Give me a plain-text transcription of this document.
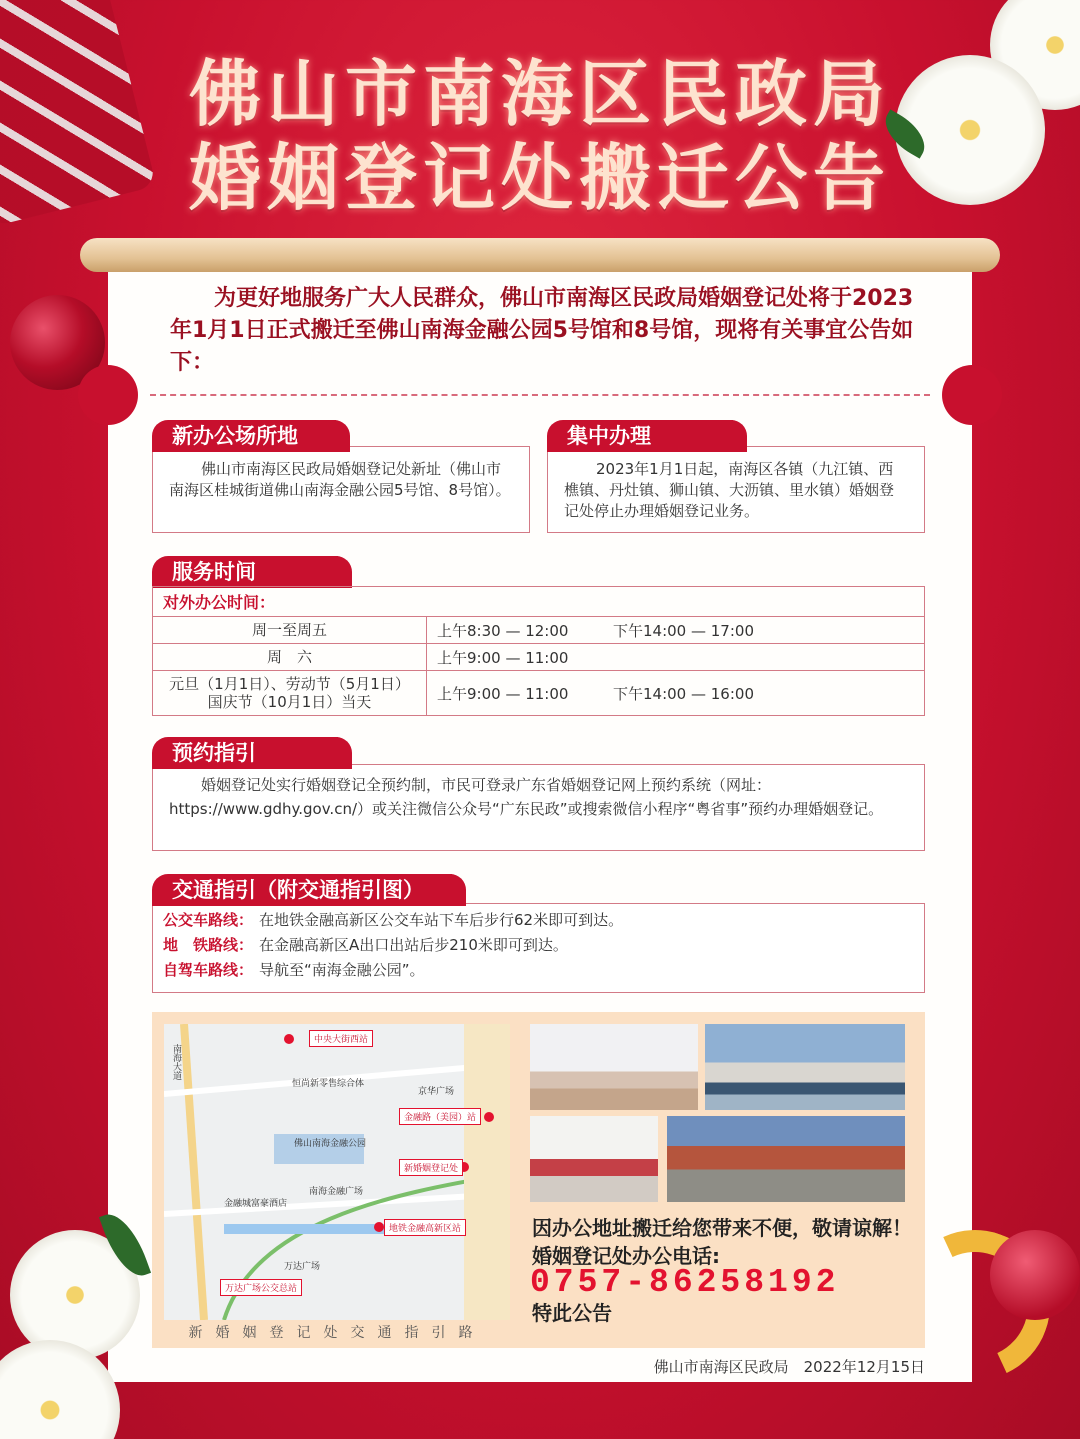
佛山市南海区民政局
婚姻登记处搬迁公告
为更好地服务广大人民群众，佛山市南海区民政局婚姻登记处将于2023年1月1日正式搬迁至佛山南海金融公园5号馆和8号馆，现将有关事宜公告如下：

佛山市南海区民政局婚姻登记处新址（佛山市南海区桂城街道佛山南海金融公园5号馆、8号馆）。

新办公场所地址	2023年1月1日起，南海区各镇（九江镇、西樵镇、丹灶镇、狮山镇、大沥镇、里水镇）婚姻登记处停止办理婚姻登记业务。

集中办理
服务时间
对外办公时间：	
周一至周五	上午8:30 — 12:00 下午14:00 — 17:00
周　六	上午9:00 — 11:00

元旦（1月1日）、劳动节（5月1日）
国庆节（10月1日）当天	上午9:00 — 11:00 下午14:00 — 16:00

婚姻登记处实行婚姻登记全预约制，市民可登录广东省婚姻登记网上预约系统（网址：https://www.gdhy.gov.cn/）或关注微信公众号“广东民政”或搜索微信小程序“粤省事”预约办理婚姻登记。

预约指引
公交车路线： 在地铁金融高新区公交车站下车后步行62米即可到达。
地　铁路线： 在金融高新区A出口出站后步210米即可到达。
自驾车路线： 导航至“南海金融公园”。
交通指引（附交通指引图）
中央大街西站
金融路（美园）站
新婚姻登记处
地铁金融高新区站
万达广场公交总站
佛山南海金融公园
南海金融广场
金融城富豪酒店
恒尚新零售综合体
京华广场
万达广场
南海大道
新婚姻登记处交通指引路
因办公地址搬迁给您带来不便，敬请谅解！
婚姻登记处办公电话:
0757-86258192
特此公告
佛山市南海区民政局　2022年12月15日
